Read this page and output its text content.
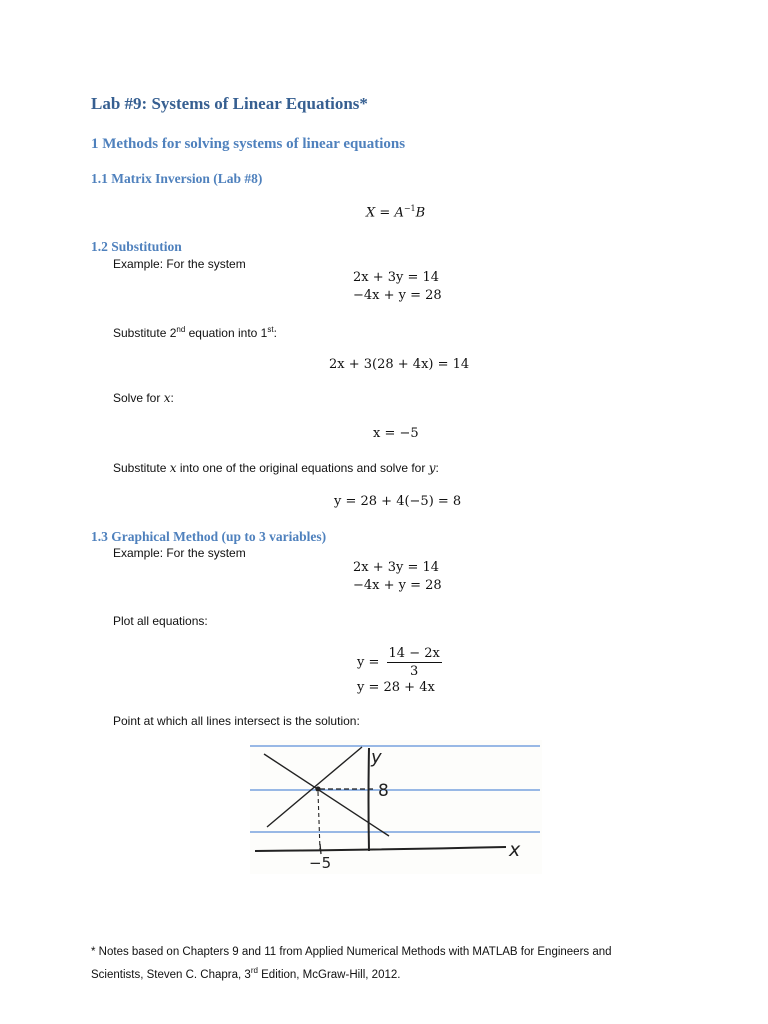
Lab #9: Systems of Linear Equations*
1 Methods for solving systems of linear equations
1.1 Matrix Inversion (Lab #8)
$X = A^{-1}B$
1.2 Substitution
Example: For the system
2x + 3y = 14
−4x + y = 28
Substitute 2nd equation into 1st:
2x + 3(28 + 4x) = 14
Solve for x:
x = −5
Substitute x into one of the original equations and solve for y:
y = 28 + 4(−5) = 8
1.3 Graphical Method (up to 3 variables)
Example: For the system
2x + 3y = 14
−4x + y = 28
Plot all equations:
$y = \frac{14 - 2x}{3}$
y = 28 + 4x
Point at which all lines intersect is the solution:
y
8
x
−5
* Notes based on Chapters 9 and 11 from Applied Numerical Methods with MATLAB for Engineers and
Scientists, Steven C. Chapra, 3rd Edition, McGraw-Hill, 2012.
